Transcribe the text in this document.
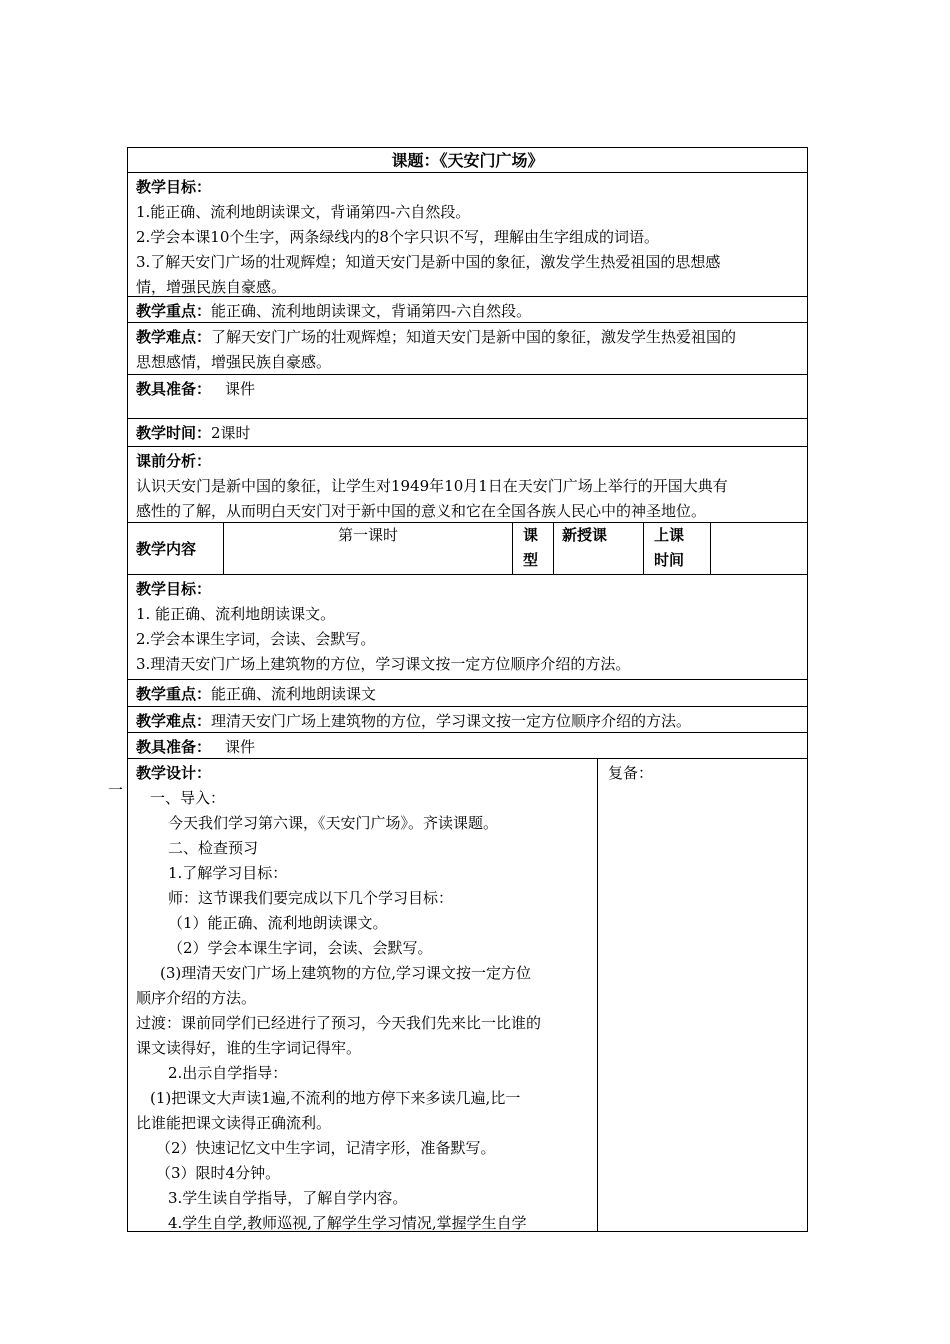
课题：《天安门广场》
教学目标：
1.能正确、流利地朗读课文，背诵第四-六自然段。
2.学会本课10个生字，两条绿线内的8个字只识不写，理解由生字组成的词语。
3.了解天安门广场的壮观辉煌；知道天安门是新中国的象征，激发学生热爱祖国的思想感
情，增强民族自豪感。
教学重点：能正确、流利地朗读课文，背诵第四-六自然段。
教学难点：了解天安门广场的壮观辉煌；知道天安门是新中国的象征，激发学生热爱祖国的
思想感情，增强民族自豪感。
教具准备： 课件
教学时间：2课时
课前分析：
认识天安门是新中国的象征，让学生对1949年10月1日在天安门广场上举行的开国大典有
感性的了解，从而明白天安门对于新中国的意义和它在全国各族人民心中的神圣地位。
教学内容
第一课时	课
型
新授课	上课
时间
教学目标：
1. 能正确、流利地朗读课文。
2.学会本课生字词，会读、会默写。
3.理清天安门广场上建筑物的方位，学习课文按一定方位顺序介绍的方法。
教学重点：能正确、流利地朗读课文
教学难点：理清天安门广场上建筑物的方位，学习课文按一定方位顺序介绍的方法。
教具准备： 课件
教学设计：
一、导入：
今天我们学习第六课，《天安门广场》。齐读课题。
二、检查预习
1.了解学习目标：
师：这节课我们要完成以下几个学习目标：
（1）能正确、流利地朗读课文。
（2）学会本课生字词，会读、会默写。
(3)理清天安门广场上建筑物的方位,学习课文按一定方位
顺序介绍的方法。
过渡：课前同学们已经进行了预习，今天我们先来比一比谁的
课文读得好，谁的生字词记得牢。
2.出示自学指导：
(1)把课文大声读1遍,不流利的地方停下来多读几遍,比一
比谁能把课文读得正确流利。
（2）快速记忆文中生字词，记清字形，准备默写。
（3）限时4分钟。
3.学生读自学指导，了解自学内容。
4.学生自学,教师巡视,了解学生学习情况,掌握学生自学
复备：
一
